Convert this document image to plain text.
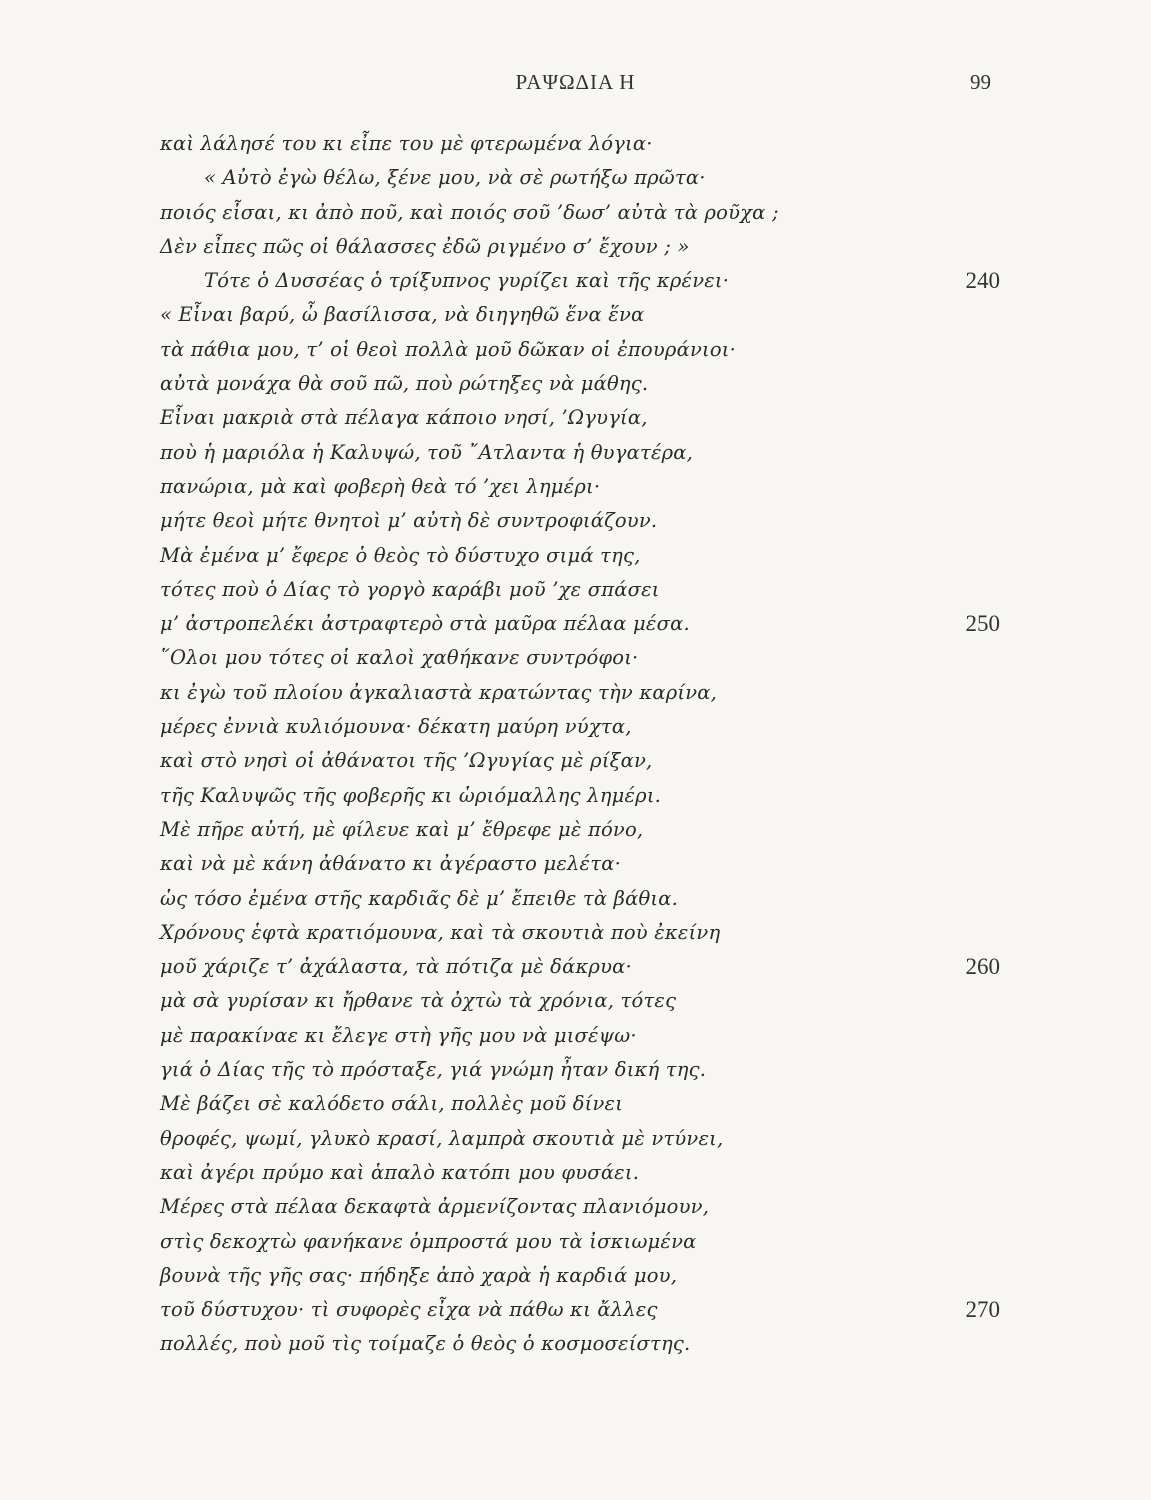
ΡΑΨΩΔΙΑ Η	99
καὶ λάλησέ του κι εἶπε του μὲ φτερωμένα λόγια·
« Αὐτὸ ἐγὼ θέλω, ξένε μου, νὰ σὲ ρωτήξω πρῶτα·
ποιός εἶσαι, κι ἀπὸ ποῦ, καὶ ποιός σοῦ ’δωσ’ αὐτὰ τὰ ροῦχα ;
Δὲν εἶπες πῶς οἱ θάλασσες ἐδῶ ριγμένο σ’ ἔχουν ; »
Τότε ὁ Δυσσέας ὁ τρίξυπνος γυρίζει καὶ τῆς κρένει·	240
« Εἶναι βαρύ, ὦ βασίλισσα, νὰ διηγηθῶ ἕνα ἕνα
τὰ πάθια μου, τ’ οἱ θεοὶ πολλὰ μοῦ δῶκαν οἱ ἐπουράνιοι·
αὐτὰ μονάχα θὰ σοῦ πῶ, ποὺ ρώτηξες νὰ μάθης.
Εἶναι μακριὰ στὰ πέλαγα κάποιο νησί, ’Ωγυγία,
ποὺ ἡ μαριόλα ἡ Καλυψώ, τοῦ ῎Ατλαντα ἡ θυγατέρα,
πανώρια, μὰ καὶ φοβερὴ θεὰ τό ’χει λημέρι·
μήτε θεοὶ μήτε θνητοὶ μ’ αὐτὴ δὲ συντροφιάζουν.
Μὰ ἐμένα μ’ ἔφερε ὁ θεὸς τὸ δύστυχο σιμά της,
τότες ποὺ ὁ Δίας τὸ γοργὸ καράβι μοῦ ’χε σπάσει
μ’ ἀστροπελέκι ἀστραφτερὸ στὰ μαῦρα πέλαα μέσα.	250
῞Ολοι μου τότες οἱ καλοὶ χαθήκανε συντρόφοι·
κι ἐγὼ τοῦ πλοίου ἀγκαλιαστὰ κρατώντας τὴν καρίνα,
μέρες ἐννιὰ κυλιόμουνα· δέκατη μαύρη νύχτα,
καὶ στὸ νησὶ οἱ ἀθάνατοι τῆς ’Ωγυγίας μὲ ρίξαν,
τῆς Καλυψῶς τῆς φοβερῆς κι ὡριόμαλλης λημέρι.
Μὲ πῆρε αὐτή, μὲ φίλευε καὶ μ’ ἔθρεφε μὲ πόνο,
καὶ νὰ μὲ κάνη ἀθάνατο κι ἀγέραστο μελέτα·
ὡς τόσο ἐμένα στῆς καρδιᾶς δὲ μ’ ἔπειθε τὰ βάθια.
Χρόνους ἑφτὰ κρατιόμουνα, καὶ τὰ σκουτιὰ ποὺ ἐκείνη
μοῦ χάριζε τ’ ἀχάλαστα, τὰ πότιζα μὲ δάκρυα·	260
μὰ σὰ γυρίσαν κι ἤρθανε τὰ ὀχτὼ τὰ χρόνια, τότες
μὲ παρακίναε κι ἔλεγε στὴ γῆς μου νὰ μισέψω·
γιά ὁ Δίας τῆς τὸ πρόσταξε, γιά γνώμη ἦταν δική της.
Μὲ βάζει σὲ καλόδετο σάλι, πολλὲς μοῦ δίνει
θροφές, ψωμί, γλυκὸ κρασί, λαμπρὰ σκουτιὰ μὲ ντύνει,
καὶ ἀγέρι πρύμο καὶ ἁπαλὸ κατόπι μου φυσάει.
Μέρες στὰ πέλαα δεκαφτὰ ἀρμενίζοντας πλανιόμουν,
στὶς δεκοχτὼ φανήκανε ὀμπροστά μου τὰ ἰσκιωμένα
βουνὰ τῆς γῆς σας· πήδηξε ἀπὸ χαρὰ ἡ καρδιά μου,
τοῦ δύστυχου· τὶ συφορὲς εἶχα νὰ πάθω κι ἄλλες	270
πολλές, ποὺ μοῦ τὶς τοίμαζε ὁ θεὸς ὁ κοσμοσείστης.
